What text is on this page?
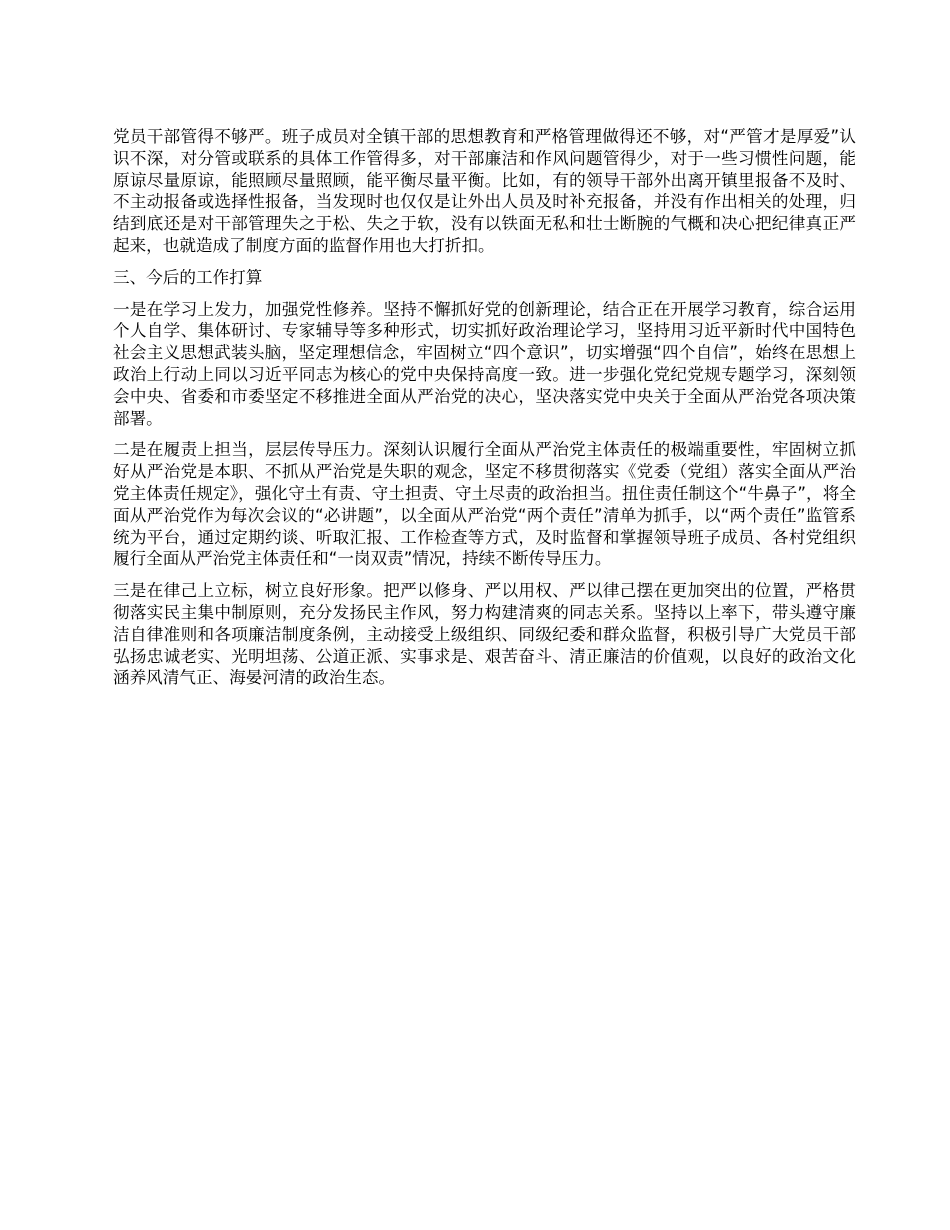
党员干部管得不够严。班子成员对全镇干部的思想教育和严格管理做得还不够，对“严管才是厚爱”认识不深，对分管或联系的具体工作管得多，对干部廉洁和作风问题管得少，对于一些习惯性问题，能原谅尽量原谅，能照顾尽量照顾，能平衡尽量平衡。比如，有的领导干部外出离开镇里报备不及时、不主动报备或选择性报备，当发现时也仅仅是让外出人员及时补充报备，并没有作出相关的处理，归结到底还是对干部管理失之于松、失之于软，没有以铁面无私和壮士断腕的气概和决心把纪律真正严起来，也就造成了制度方面的监督作用也大打折扣。

三、今后的工作打算

一是在学习上发力，加强党性修养。坚持不懈抓好党的创新理论，结合正在开展学习教育，综合运用个人自学、集体研讨、专家辅导等多种形式，切实抓好政治理论学习，坚持用习近平新时代中国特色社会主义思想武装头脑，坚定理想信念，牢固树立“四个意识”，切实增强“四个自信”，始终在思想上政治上行动上同以习近平同志为核心的党中央保持高度一致。进一步强化党纪党规专题学习，深刻领会中央、省委和市委坚定不移推进全面从严治党的决心，坚决落实党中央关于全面从严治党各项决策部署。

二是在履责上担当，层层传导压力。深刻认识履行全面从严治党主体责任的极端重要性，牢固树立抓好从严治党是本职、不抓从严治党是失职的观念，坚定不移贯彻落实《党委（党组）落实全面从严治党主体责任规定》，强化守土有责、守土担责、守土尽责的政治担当。扭住责任制这个“牛鼻子”，将全面从严治党作为每次会议的“必讲题”，以全面从严治党“两个责任”清单为抓手，以“两个责任”监管系统为平台，通过定期约谈、听取汇报、工作检查等方式，及时监督和掌握领导班子成员、各村党组织履行全面从严治党主体责任和“一岗双责”情况，持续不断传导压力。

三是在律己上立标，树立良好形象。把严以修身、严以用权、严以律己摆在更加突出的位置，严格贯彻落实民主集中制原则，充分发扬民主作风，努力构建清爽的同志关系。坚持以上率下，带头遵守廉洁自律准则和各项廉洁制度条例，主动接受上级组织、同级纪委和群众监督，积极引导广大党员干部弘扬忠诚老实、光明坦荡、公道正派、实事求是、艰苦奋斗、清正廉洁的价值观，以良好的政治文化涵养风清气正、海晏河清的政治生态。
